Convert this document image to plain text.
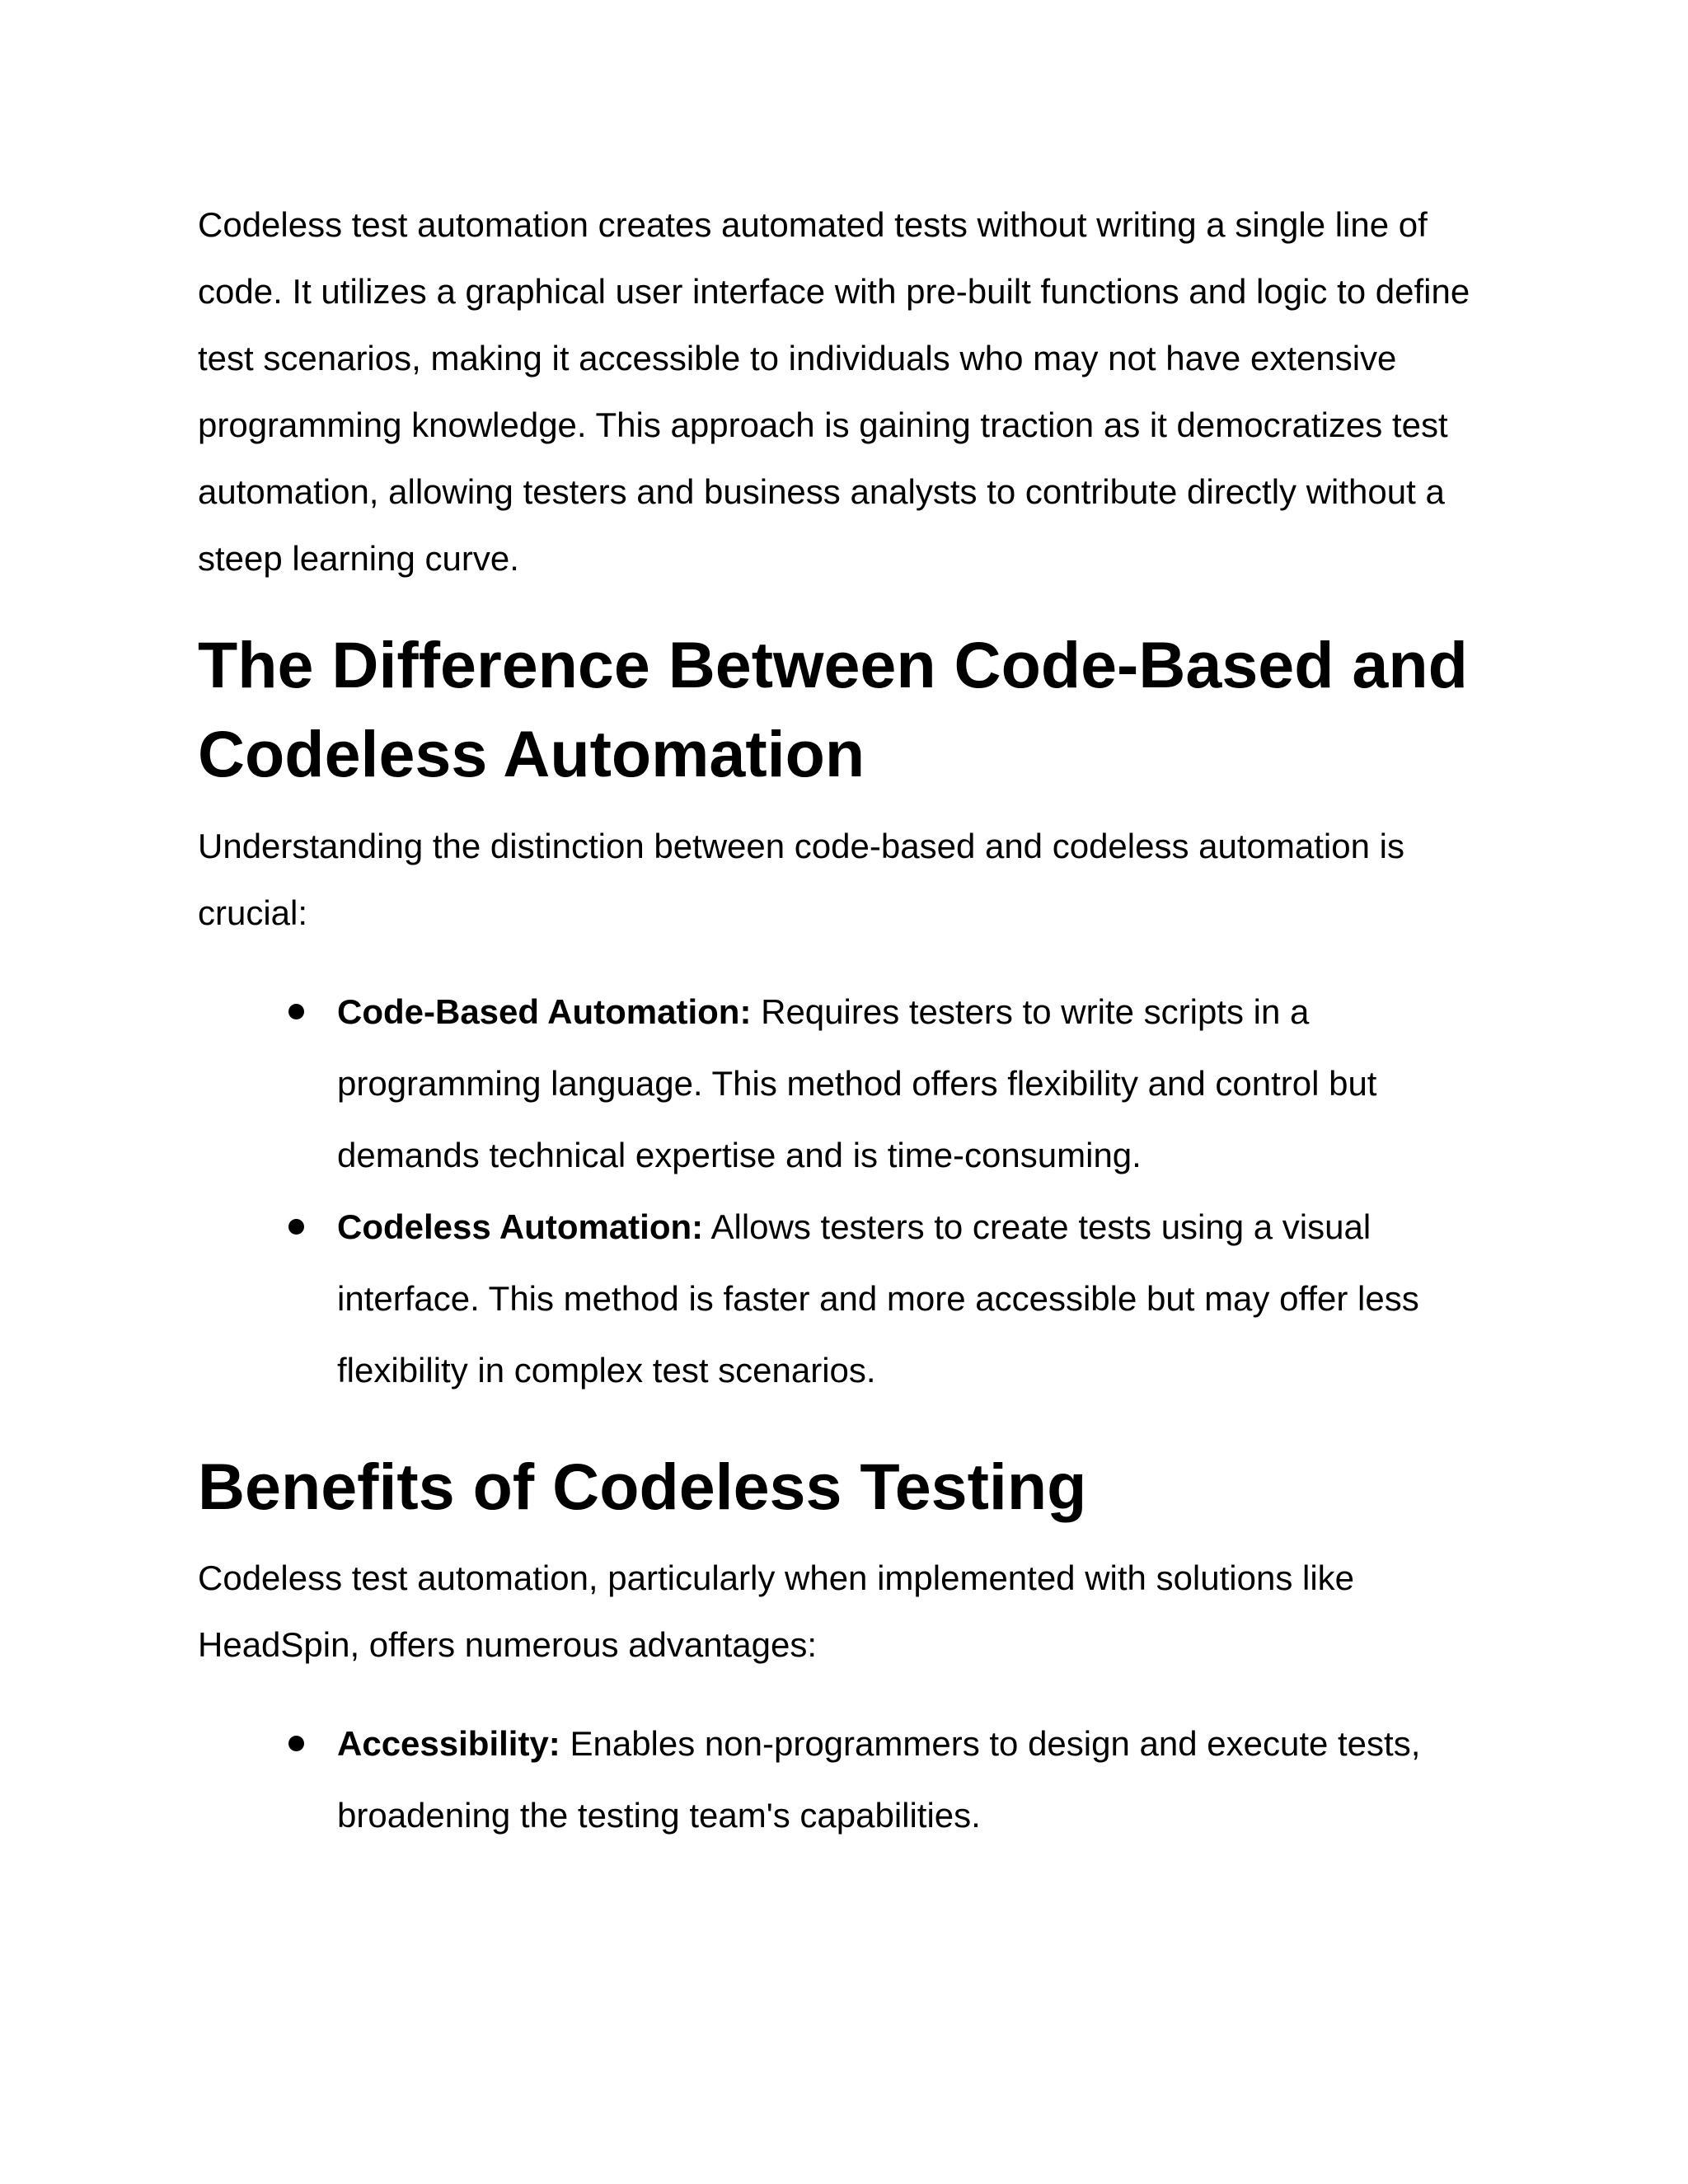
Codeless test automation creates automated tests without writing a single line of code. It utilizes a graphical user interface with pre-built functions and logic to define test scenarios, making it accessible to individuals who may not have extensive programming knowledge. This approach is gaining traction as it democratizes test automation, allowing testers and business analysts to contribute directly without a steep learning curve.

The Difference Between Code-Based and Codeless Automation

Understanding the distinction between code-based and codeless automation is crucial:

Code-Based Automation: Requires testers to write scripts in a programming language. This method offers flexibility and control but demands technical expertise and is time-consuming.
Codeless Automation: Allows testers to create tests using a visual interface. This method is faster and more accessible but may offer less flexibility in complex test scenarios.
Benefits of Codeless Testing

Codeless test automation, particularly when implemented with solutions like HeadSpin, offers numerous advantages:

Accessibility: Enables non-programmers to design and execute tests, broadening the testing team's capabilities.
